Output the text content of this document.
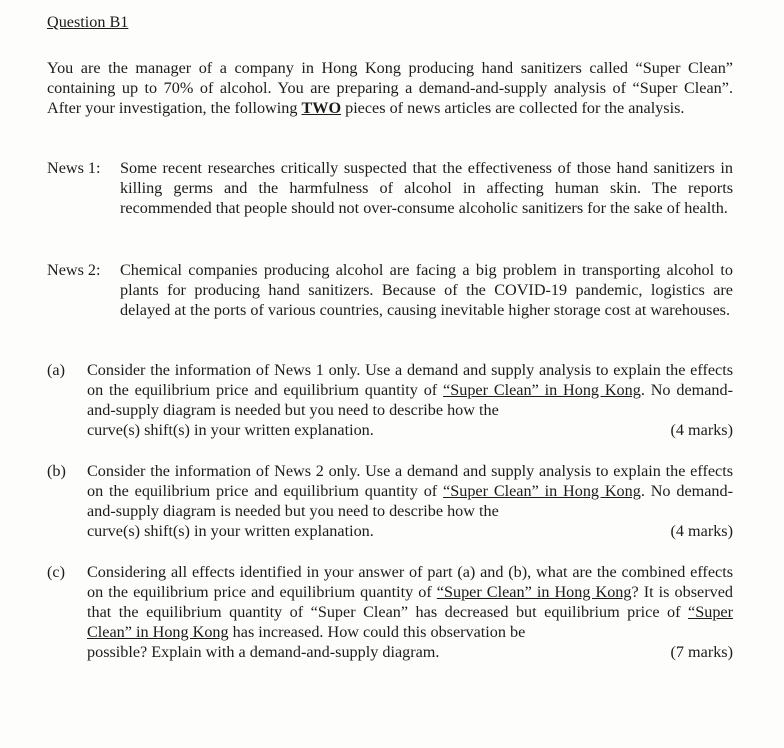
Question B1
You are the manager of a company in Hong Kong producing hand sanitizers called “Super Clean” containing up to 70% of alcohol. You are preparing a demand-and-supply analysis of “Super Clean”. After your investigation, the following TWO pieces of news articles are collected for the analysis.
News 1: Some recent researches critically suspected that the effectiveness of those hand sanitizers in killing germs and the harmfulness of alcohol in affecting human skin. The reports recommended that people should not over-consume alcoholic sanitizers for the sake of health.
News 2: Chemical companies producing alcohol are facing a big problem in transporting alcohol to plants for producing hand sanitizers. Because of the COVID-19 pandemic, logistics are delayed at the ports of various countries, causing inevitable higher storage cost at warehouses.
(a) Consider the information of News 1 only. Use a demand and supply analysis to explain the effects on the equilibrium price and equilibrium quantity of “Super Clean” in Hong Kong. No demand-and-supply diagram is needed but you need to describe how the
curve(s) shift(s) in your written explanation.	(4 marks)
(b) Consider the information of News 2 only. Use a demand and supply analysis to explain the effects on the equilibrium price and equilibrium quantity of “Super Clean” in Hong Kong. No demand-and-supply diagram is needed but you need to describe how the
curve(s) shift(s) in your written explanation.	(4 marks)
(c) Considering all effects identified in your answer of part (a) and (b), what are the combined effects on the equilibrium price and equilibrium quantity of “Super Clean” in Hong Kong? It is observed that the equilibrium quantity of “Super Clean” has decreased but equilibrium price of “Super Clean” in Hong Kong has increased. How could this observation be
possible? Explain with a demand-and-supply diagram.	(7 marks)
